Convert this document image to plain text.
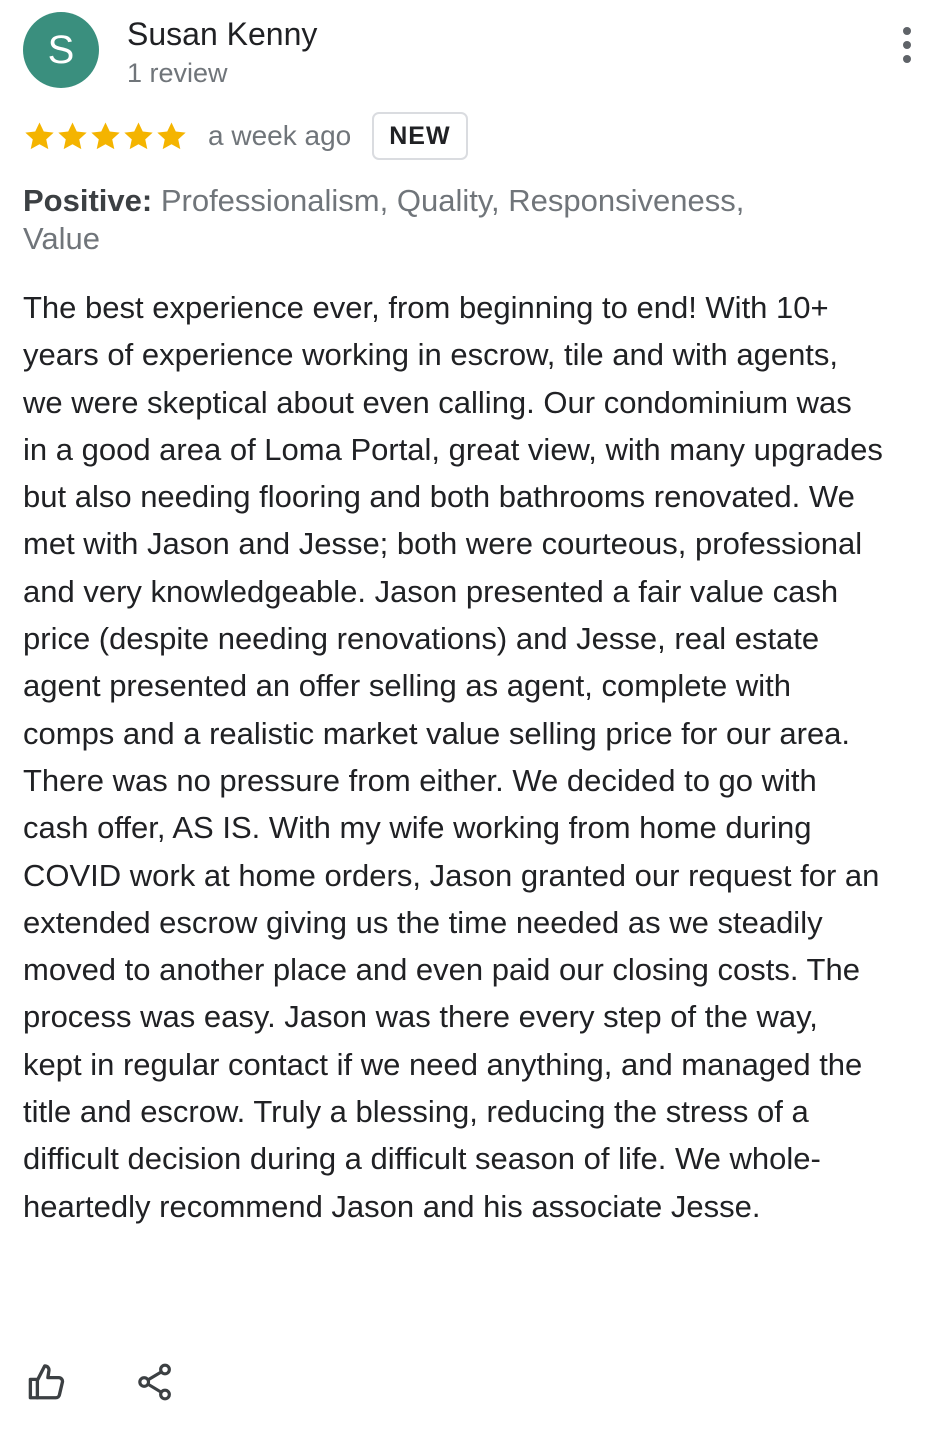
S Susan Kenny
1 review
a week ago	NEW
Positive: Professionalism, Quality, Responsiveness, Value

The best experience ever, from beginning to end! With 10+ years of experience working in escrow, tile and with agents, we were skeptical about even calling. Our condominium was in a good area of Loma Portal, great view, with many upgrades but also needing flooring and both bathrooms renovated. We met with Jason and Jesse; both were courteous, professional and very knowledgeable. Jason presented a fair value cash price (despite needing renovations) and Jesse, real estate agent presented an offer selling as agent, complete with comps and a realistic market value selling price for our area. There was no pressure from either. We decided to go with cash offer, AS IS. With my wife working from home during COVID work at home orders, Jason granted our request for an extended escrow giving us the time needed as we steadily moved to another place and even paid our closing costs. The process was easy. Jason was there every step of the way, kept in regular contact if we need anything, and managed the title and escrow. Truly a blessing, reducing the stress of a difficult decision during a difficult season of life. We whole-heartedly recommend Jason and his associate Jesse.
